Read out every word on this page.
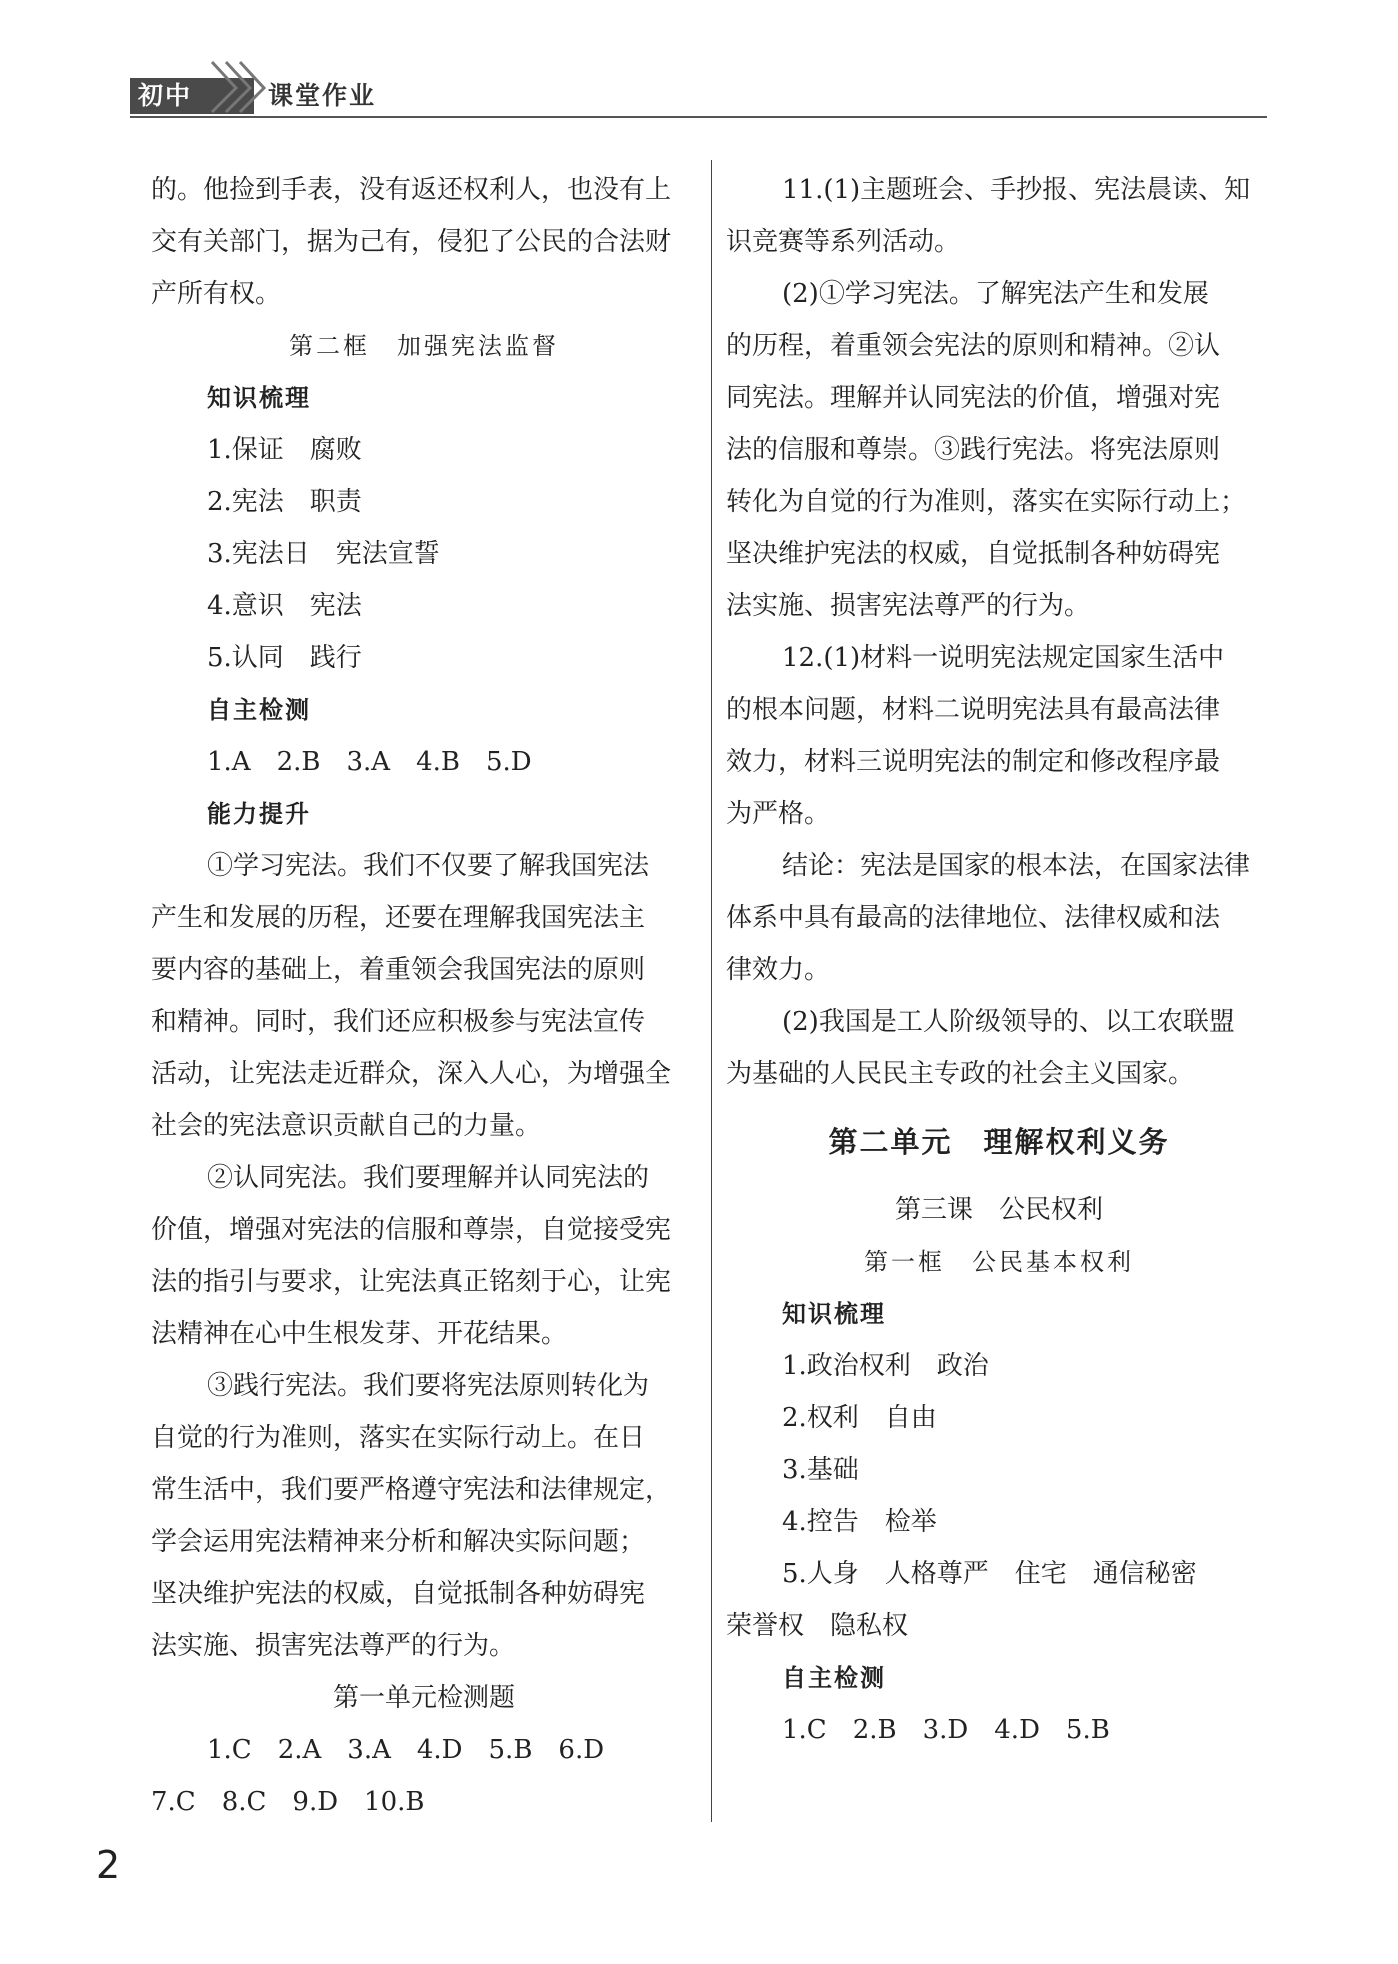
初中	课堂作业
的。他捡到手表，没有返还权利人，也没有上
交有关部门，据为己有，侵犯了公民的合法财
产所有权。
第二框　加强宪法监督
知识梳理
1.保证　腐败
2.宪法　职责
3.宪法日　宪法宣誓
4.意识　宪法
5.认同　践行
自主检测
1.A　2.B　3.A　4.B　5.D
能力提升
①学习宪法。我们不仅要了解我国宪法
产生和发展的历程，还要在理解我国宪法主
要内容的基础上，着重领会我国宪法的原则
和精神。同时，我们还应积极参与宪法宣传
活动，让宪法走近群众，深入人心，为增强全
社会的宪法意识贡献自己的力量。
②认同宪法。我们要理解并认同宪法的
价值，增强对宪法的信服和尊崇，自觉接受宪
法的指引与要求，让宪法真正铭刻于心，让宪
法精神在心中生根发芽、开花结果。
③践行宪法。我们要将宪法原则转化为
自觉的行为准则，落实在实际行动上。在日
常生活中，我们要严格遵守宪法和法律规定，
学会运用宪法精神来分析和解决实际问题；
坚决维护宪法的权威，自觉抵制各种妨碍宪
法实施、损害宪法尊严的行为。
第一单元检测题
1.C　2.A　3.A　4.D　5.B　6.D
7.C　8.C　9.D　10.B
11.(1)主题班会、手抄报、宪法晨读、知
识竞赛等系列活动。
(2)①学习宪法。了解宪法产生和发展
的历程，着重领会宪法的原则和精神。②认
同宪法。理解并认同宪法的价值，增强对宪
法的信服和尊崇。③践行宪法。将宪法原则
转化为自觉的行为准则，落实在实际行动上；
坚决维护宪法的权威，自觉抵制各种妨碍宪
法实施、损害宪法尊严的行为。
12.(1)材料一说明宪法规定国家生活中
的根本问题，材料二说明宪法具有最高法律
效力，材料三说明宪法的制定和修改程序最
为严格。
结论：宪法是国家的根本法，在国家法律
体系中具有最高的法律地位、法律权威和法
律效力。
(2)我国是工人阶级领导的、以工农联盟
为基础的人民民主专政的社会主义国家。
第二单元　理解权利义务
第三课　公民权利
第一框　公民基本权利
知识梳理
1.政治权利　政治
2.权利　自由
3.基础
4.控告　检举
5.人身　人格尊严　住宅　通信秘密
荣誉权　隐私权
自主检测
1.C　2.B　3.D　4.D　5.B
2
